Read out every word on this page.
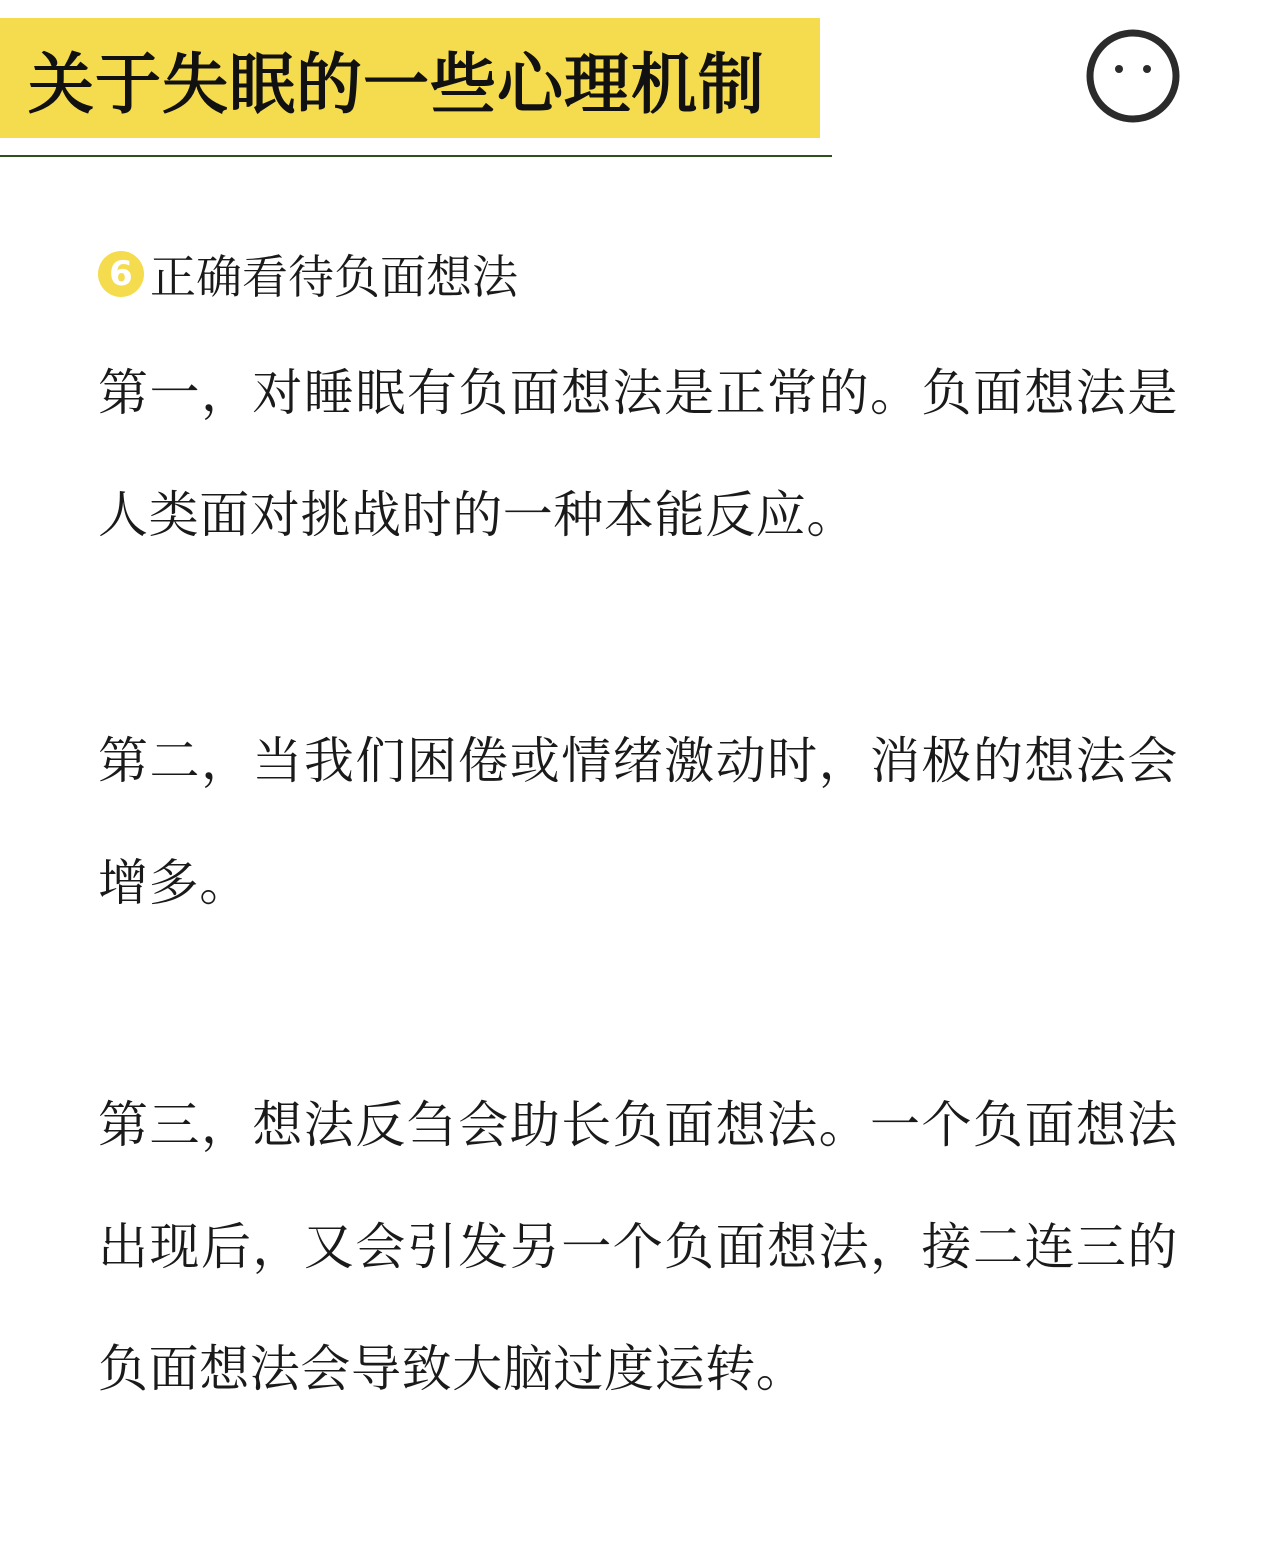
关于失眠的一些心理机制
6 正确看待负面想法

第一，对睡眠有负面想法是正常的。负面想法是人类面对挑战时的一种本能反应。

第二，当我们困倦或情绪激动时，消极的想法会增多。

第三，想法反刍会助长负面想法。一个负面想法出现后，又会引发另一个负面想法，接二连三的负面想法会导致大脑过度运转。
